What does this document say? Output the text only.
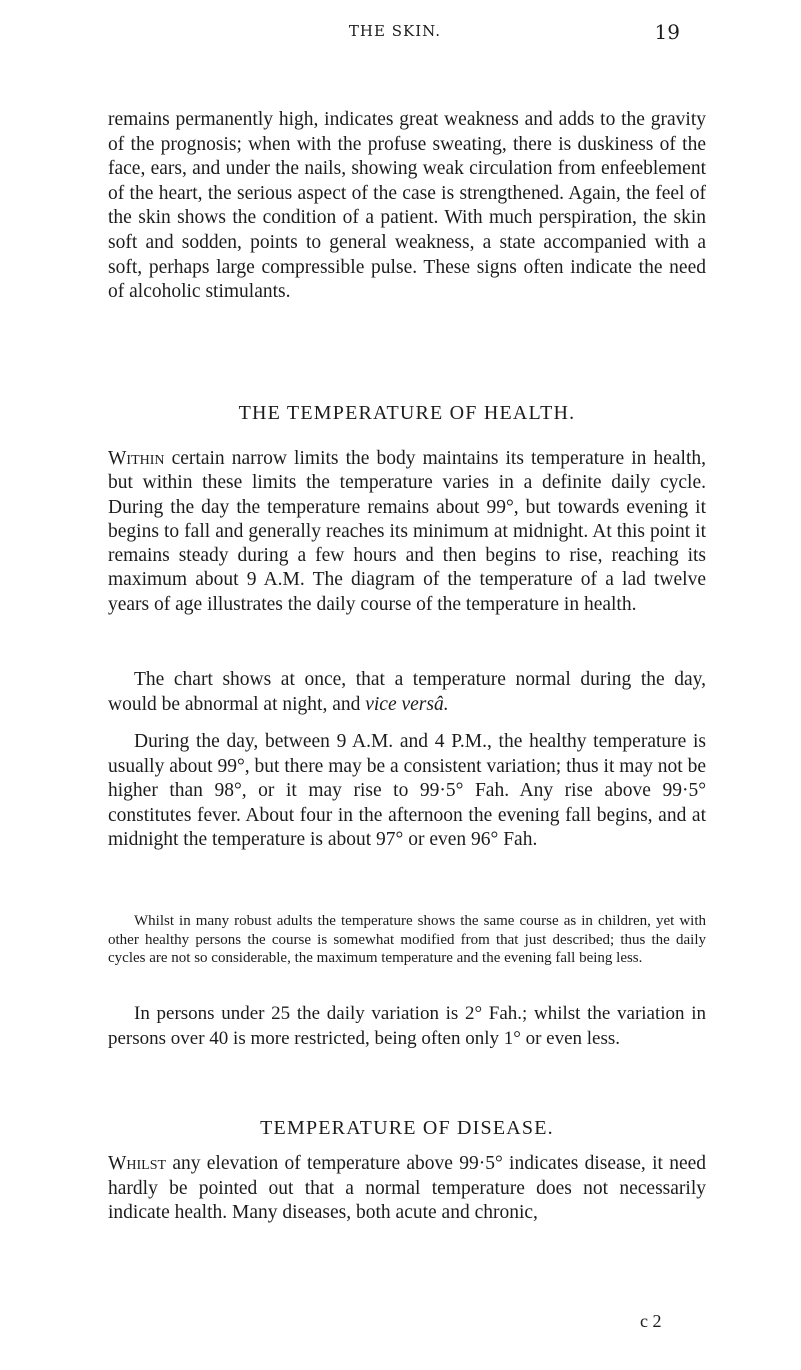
THE SKIN.	19
remains permanently high, indicates great weakness and adds to the gravity of the prognosis; when with the profuse sweating, there is duskiness of the face, ears, and under the nails, showing weak circulation from enfeeblement of the heart, the serious aspect of the case is strengthened. Again, the feel of the skin shows the condition of a patient. With much perspiration, the skin soft and sodden, points to general weakness, a state accompanied with a soft, perhaps large compressible pulse. These signs often indicate the need of alcoholic stimulants.
THE TEMPERATURE OF HEALTH.
Within certain narrow limits the body maintains its temperature in health, but within these limits the temperature varies in a definite daily cycle. During the day the temperature remains about 99°, but towards evening it begins to fall and generally reaches its minimum at midnight. At this point it remains steady during a few hours and then begins to rise, reaching its maximum about 9 A.M. The diagram of the temperature of a lad twelve years of age illustrates the daily course of the temperature in health.
The chart shows at once, that a temperature normal during the day, would be abnormal at night, and vice versâ.
During the day, between 9 A.M. and 4 P.M., the healthy temperature is usually about 99°, but there may be a consistent variation; thus it may not be higher than 98°, or it may rise to 99·5° Fah. Any rise above 99·5° constitutes fever. About four in the afternoon the evening fall begins, and at midnight the temperature is about 97° or even 96° Fah.
Whilst in many robust adults the temperature shows the same course as in children, yet with other healthy persons the course is somewhat modified from that just described; thus the daily cycles are not so considerable, the maximum temperature and the evening fall being less.
In persons under 25 the daily variation is 2° Fah.; whilst the variation in persons over 40 is more restricted, being often only 1° or even less.
TEMPERATURE OF DISEASE.
Whilst any elevation of temperature above 99·5° indicates disease, it need hardly be pointed out that a normal temperature does not necessarily indicate health. Many diseases, both acute and chronic,
c 2
